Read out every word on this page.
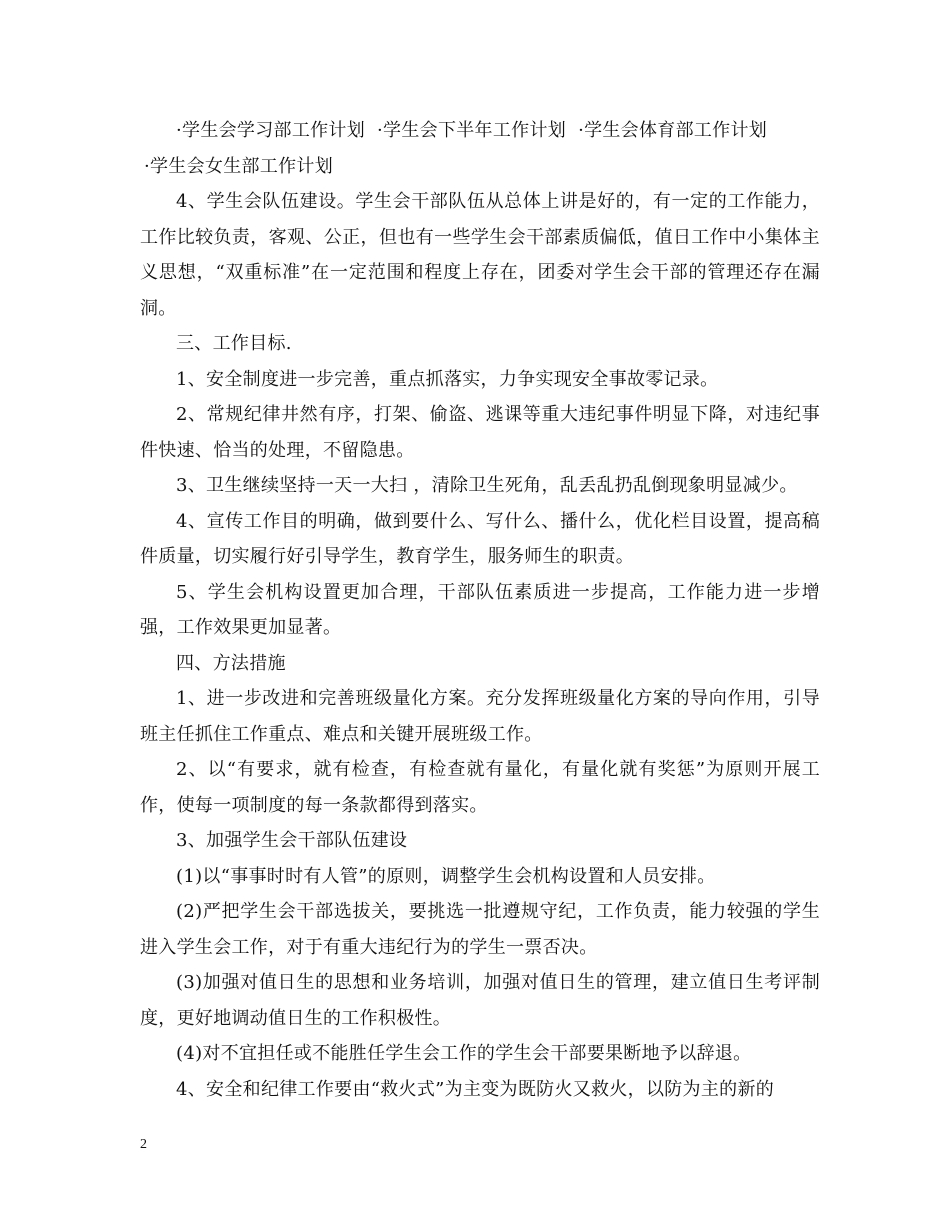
·学生会学习部工作计划 ·学生会下半年工作计划 ·学生会体育部工作计划
·学生会女生部工作计划

4、学生会队伍建设。学生会干部队伍从总体上讲是好的，有一定的工作能力，工作比较负责，客观、公正，但也有一些学生会干部素质偏低，值日工作中小集体主义思想，“双重标准”在一定范围和程度上存在，团委对学生会干部的管理还存在漏洞。

三、工作目标.

1、安全制度进一步完善，重点抓落实，力争实现安全事故零记录。

2、常规纪律井然有序，打架、偷盗、逃课等重大违纪事件明显下降，对违纪事件快速、恰当的处理，不留隐患。

3、卫生继续坚持一天一大扫 ，清除卫生死角，乱丢乱扔乱倒现象明显减少。

4、宣传工作目的明确，做到要什么、写什么、播什么，优化栏目设置，提高稿件质量，切实履行好引导学生，教育学生，服务师生的职责。

5、学生会机构设置更加合理，干部队伍素质进一步提高，工作能力进一步增强，工作效果更加显著。

四、方法措施

1、进一步改进和完善班级量化方案。充分发挥班级量化方案的导向作用，引导班主任抓住工作重点、难点和关键开展班级工作。

2、以“有要求，就有检查，有检查就有量化，有量化就有奖惩”为原则开展工作，使每一项制度的每一条款都得到落实。

3、加强学生会干部队伍建设

(1)以“事事时时有人管”的原则，调整学生会机构设置和人员安排。

(2)严把学生会干部选拔关，要挑选一批遵规守纪，工作负责，能力较强的学生进入学生会工作，对于有重大违纪行为的学生一票否决。

(3)加强对值日生的思想和业务培训，加强对值日生的管理，建立值日生考评制度，更好地调动值日生的工作积极性。

(4)对不宜担任或不能胜任学生会工作的学生会干部要果断地予以辞退。

4、安全和纪律工作要由“救火式”为主变为既防火又救火，以防为主的新的

2
